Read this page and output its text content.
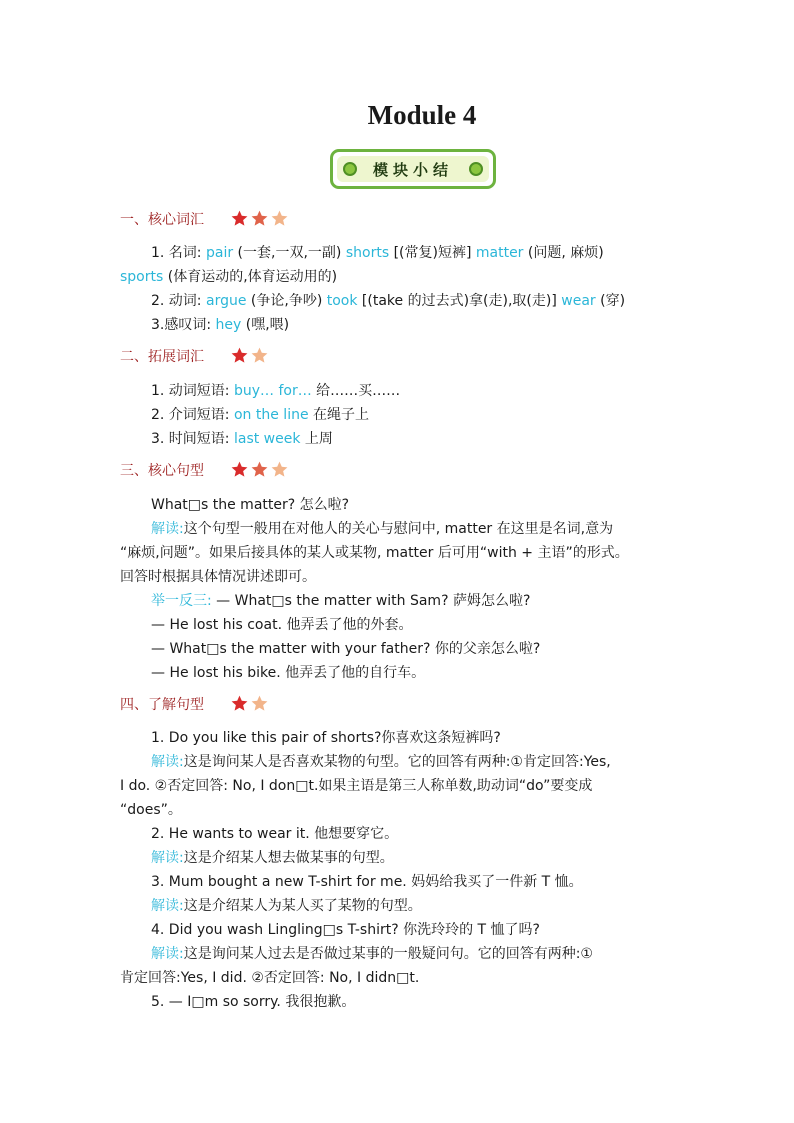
Module 4
模块小结
一、核心词汇
1. 名词: pair (一套,一双,一副) shorts [(常复)短裤] matter (问题, 麻烦)
sports (体育运动的,体育运动用的)
2. 动词: argue (争论,争吵) took [(take 的过去式)拿(走),取(走)] wear (穿)
3.感叹词: hey (嘿,喂)
二、拓展词汇
1. 动词短语: buy… for… 给……买……
2. 介词短语: on the line 在绳子上
3. 时间短语: last week 上周
三、核心句型
What□s the matter? 怎么啦?
解读:这个句型一般用在对他人的关心与慰问中, matter 在这里是名词,意为
“麻烦,问题”。如果后接具体的某人或某物, matter 后可用“with + 主语”的形式。
回答时根据具体情况讲述即可。
举一反三: — What□s the matter with Sam? 萨姆怎么啦?
— He lost his coat. 他弄丢了他的外套。
— What□s the matter with your father? 你的父亲怎么啦?
— He lost his bike. 他弄丢了他的自行车。
四、了解句型
1. Do you like this pair of shorts?你喜欢这条短裤吗?
解读:这是询问某人是否喜欢某物的句型。它的回答有两种:①肯定回答:Yes,
I do. ②否定回答: No, I don□t.如果主语是第三人称单数,助动词“do”要变成
“does”。
2. He wants to wear it. 他想要穿它。
解读:这是介绍某人想去做某事的句型。
3. Mum bought a new T-shirt for me. 妈妈给我买了一件新 T 恤。
解读:这是介绍某人为某人买了某物的句型。
4. Did you wash Lingling□s T-shirt? 你洗玲玲的 T 恤了吗?
解读:这是询问某人过去是否做过某事的一般疑问句。它的回答有两种:①
肯定回答:Yes, I did. ②否定回答: No, I didn□t.
5. — I□m so sorry. 我很抱歉。
